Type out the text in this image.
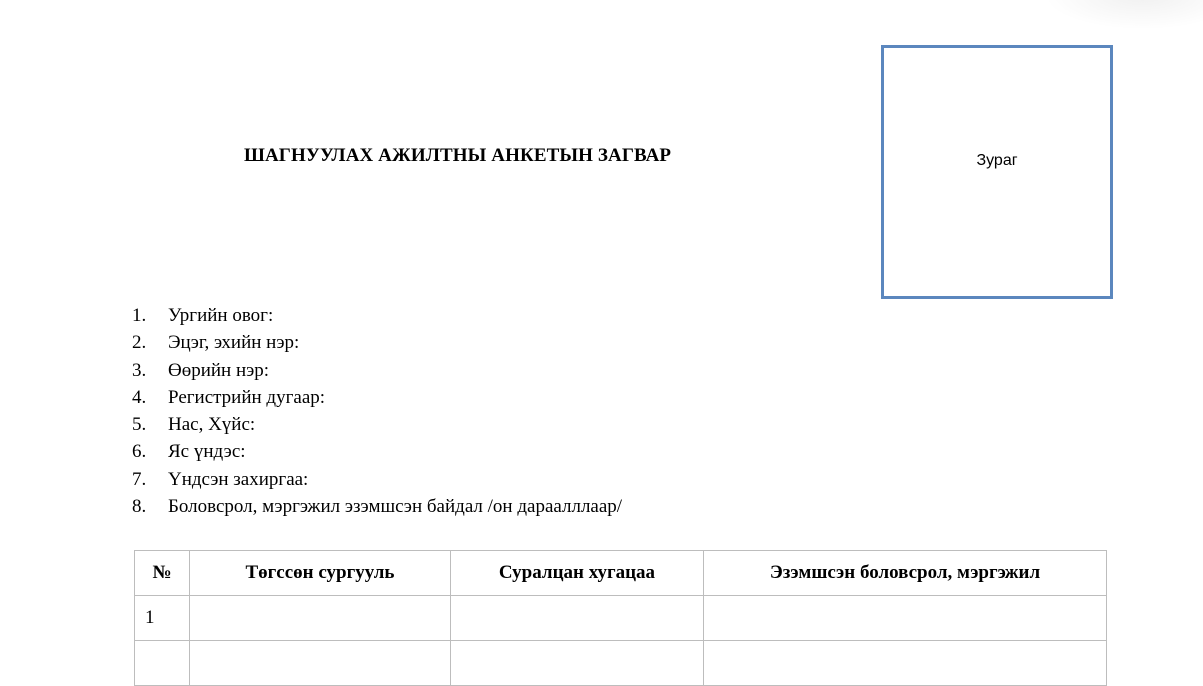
ШАГНУУЛАХ АЖИЛТНЫ АНКЕТЫН ЗАГВАР	Зураг
1. Ургийн овог:
2. Эцэг, эхийн нэр:
3. Өөрийн нэр:
4. Регистрийн дугаар:
5. Нас, Хүйс:
6. Яс үндэс:
7. Үндсэн захиргаа:
8. Боловсрол, мэргэжил эзэмшсэн байдал /он дараалллаар/
№	Төгссөн сургууль	Суралцан хугацаа	Эзэмшсэн боловсрол, мэргэжил
1			
